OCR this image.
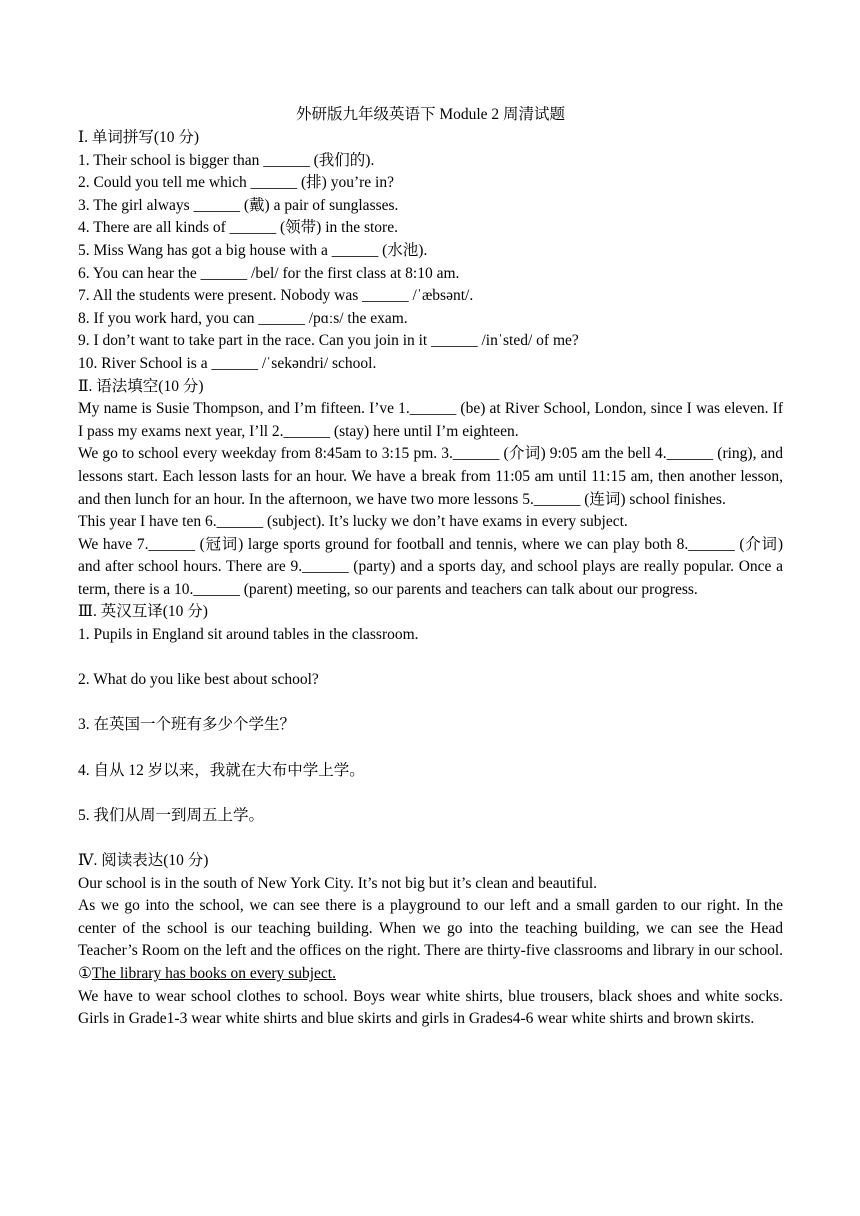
外研版九年级英语下 Module 2 周清试题
Ⅰ. 单词拼写(10 分)
1. Their school is bigger than ______ (我们的).
2. Could you tell me which ______ (排) you’re in?
3. The girl always ______ (戴) a pair of sunglasses.
4. There are all kinds of ______ (领带) in the store.
5. Miss Wang has got a big house with a ______ (水池).
6. You can hear the ______ /bel/ for the first class at 8:10 am.
7. All the students were present. Nobody was ______ /ˈæbsənt/.
8. If you work hard, you can ______ /pɑːs/ the exam.
9. I don’t want to take part in the race. Can you join in it ______ /inˈsted/ of me?
10. River School is a ______ /ˈsekəndri/ school.
Ⅱ. 语法填空(10 分)
My name is Susie Thompson, and I’m fifteen. I’ve 1.______ (be) at River School, London, since I was eleven. If I pass my exams next year, I’ll 2.______ (stay) here until I’m eighteen.
We go to school every weekday from 8:45am to 3:15 pm. 3.______ (介词) 9:05 am the bell 4.______ (ring), and lessons start. Each lesson lasts for an hour. We have a break from 11:05 am until 11:15 am, then another lesson, and then lunch for an hour. In the afternoon, we have two more lessons 5.______ (连词) school finishes.
This year I have ten 6.______ (subject). It’s lucky we don’t have exams in every subject.
We have 7.______ (冠词) large sports ground for football and tennis, where we can play both 8.______ (介词) and after school hours. There are 9.______ (party) and a sports day, and school plays are really popular. Once a term, there is a 10.______ (parent) meeting, so our parents and teachers can talk about our progress.
Ⅲ. 英汉互译(10 分)
1. Pupils in England sit around tables in the classroom.
2. What do you like best about school?
3. 在英国一个班有多少个学生？
4. 自从 12 岁以来，我就在大布中学上学。
5. 我们从周一到周五上学。
Ⅳ. 阅读表达(10 分)
Our school is in the south of New York City. It’s not big but it’s clean and beautiful.
As we go into the school, we can see there is a playground to our left and a small garden to our right. In the center of the school is our teaching building. When we go into the teaching building, we can see the Head Teacher’s Room on the left and the offices on the right. There are thirty-five classrooms and library in our school. ①The library has books on every subject.
We have to wear school clothes to school. Boys wear white shirts, blue trousers, black shoes and white socks. Girls in Grade1-3 wear white shirts and blue skirts and girls in Grades4-6 wear white shirts and brown skirts.
